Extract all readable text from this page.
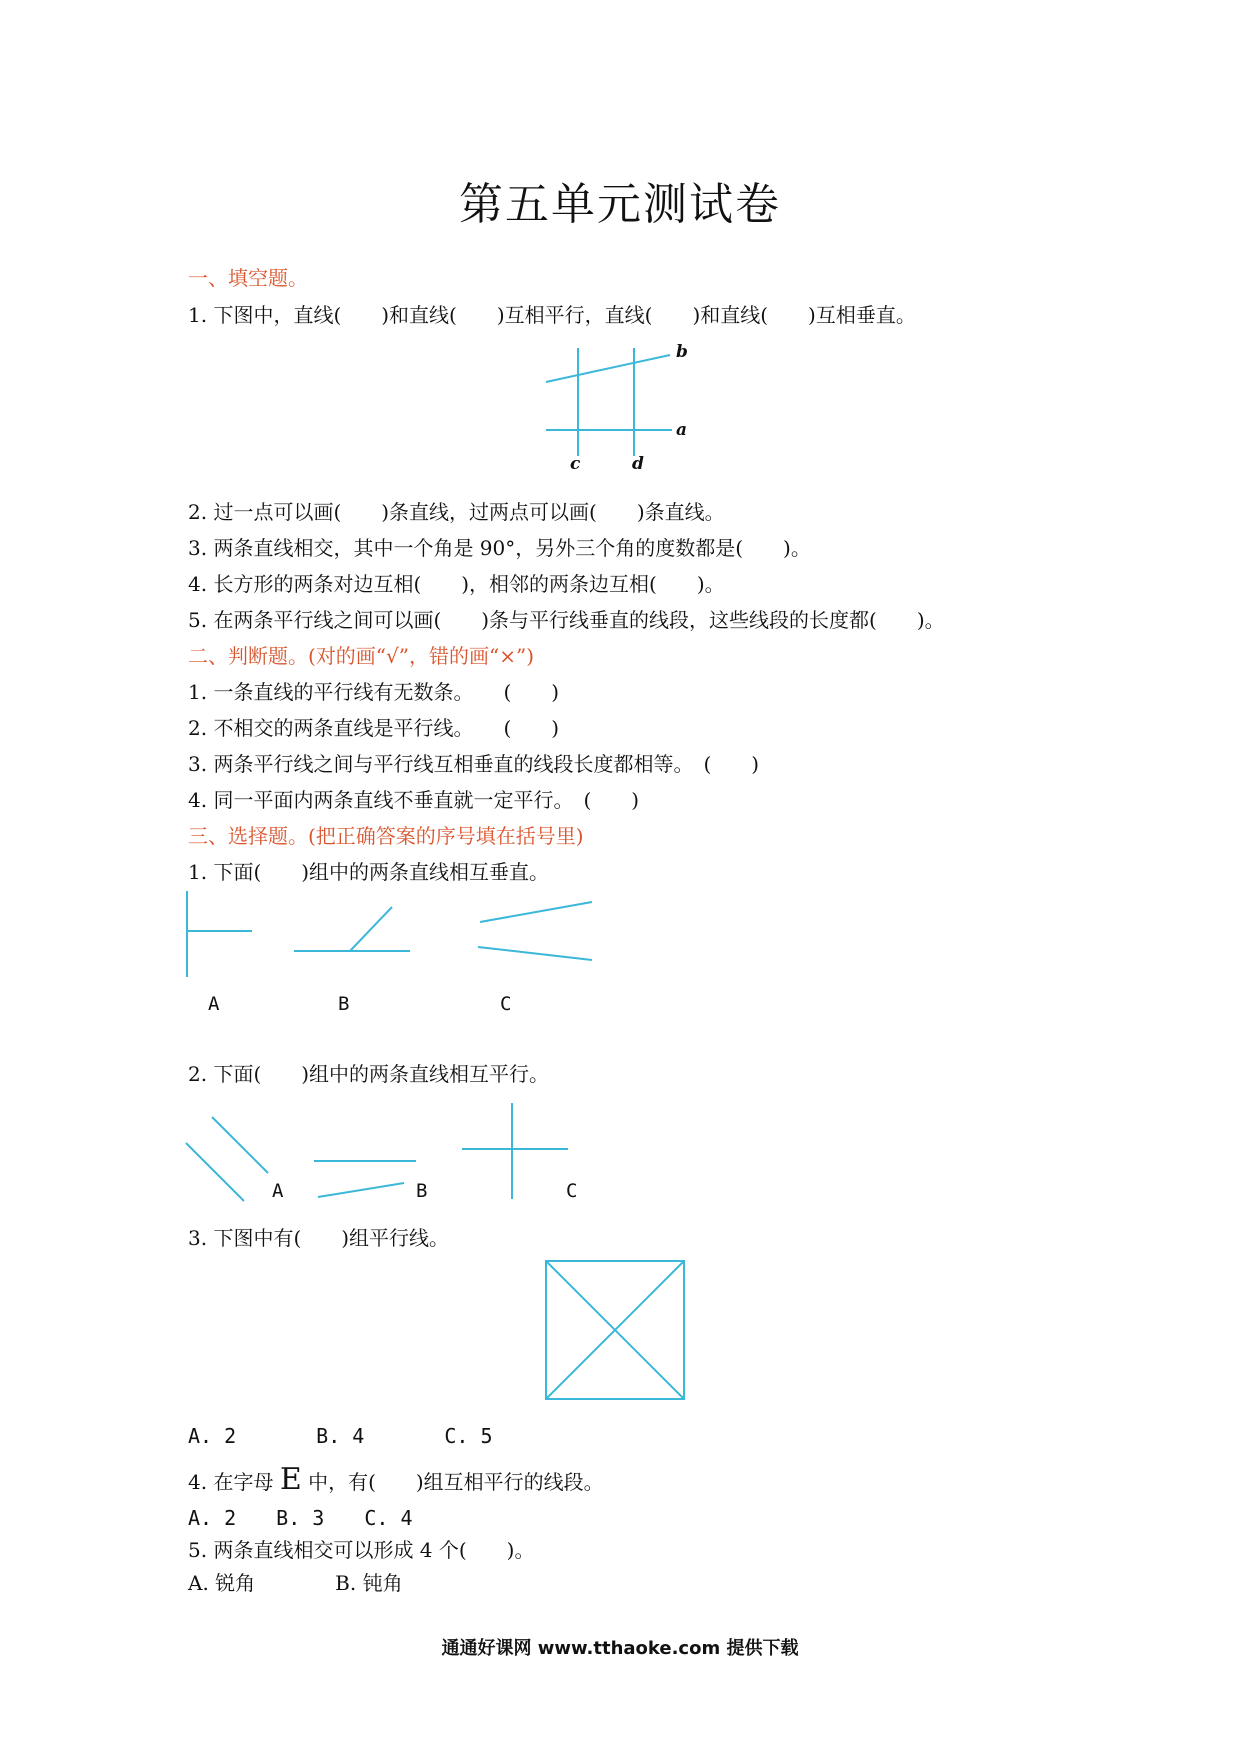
第五单元测试卷
一、填空题。
1. 下图中，直线(　　)和直线(　　)互相平行，直线(　　)和直线(　　)互相垂直。
b
a
c	d
2. 过一点可以画(　　)条直线，过两点可以画(　　)条直线。
3. 两条直线相交，其中一个角是 90°，另外三个角的度数都是(　　)。
4. 长方形的两条对边互相(　　)，相邻的两条边互相(　　)。
5. 在两条平行线之间可以画(　　)条与平行线垂直的线段，这些线段的长度都(　　)。
二、判断题。(对的画“√”，错的画“×”)
1. 一条直线的平行线有无数条。　　(　　)
2. 不相交的两条直线是平行线。　　(　　)
3. 两条平行线之间与平行线互相垂直的线段长度都相等。　(　　)
4. 同一平面内两条直线不垂直就一定平行。　(　　)
三、选择题。(把正确答案的序号填在括号里)
1. 下面(　　)组中的两条直线相互垂直。
A	B	C
2. 下面(　　)组中的两条直线相互平行。
A	B	C
3. 下图中有(　　)组平行线。
A. 2　　　　B. 4　　　　C. 5
4. 在字母 E 中，有(　　)组互相平行的线段。
A. 2　　B. 3　　C. 4
5. 两条直线相交可以形成 4 个(　　)。
A. 锐角　　　　B. 钝角
通通好课网 www.tthaoke.com 提供下载
